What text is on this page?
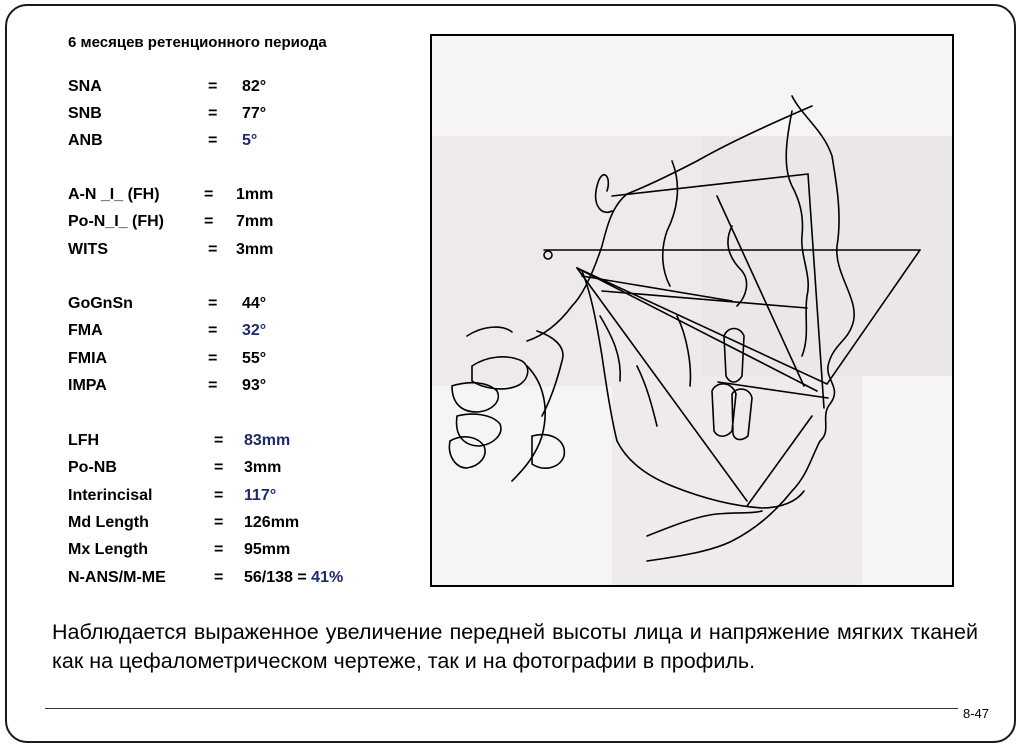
6 месяцев ретенционного периода
SNA	= 82°
SNB	= 77°
ANB	= 5°
A-N _I_ (FH)	= 1mm
Po-N_I_ (FH)	= 7mm
WITS	= 3mm
GoGnSn	= 44°
FMA	= 32°
FMIA	= 55°
IMPA	= 93°
LFH	= 83mm
Po-NB	= 3mm
Interincisal	= 117°
Md Length	= 126mm
Mx Length	= 95mm
N-ANS/M-ME	= 56/138 = 41%
Наблюдается выраженное увеличение передней высоты лица и напряжение мягких тканей как на цефалометрическом чертеже, так и на фотографии в профиль.
8-47
